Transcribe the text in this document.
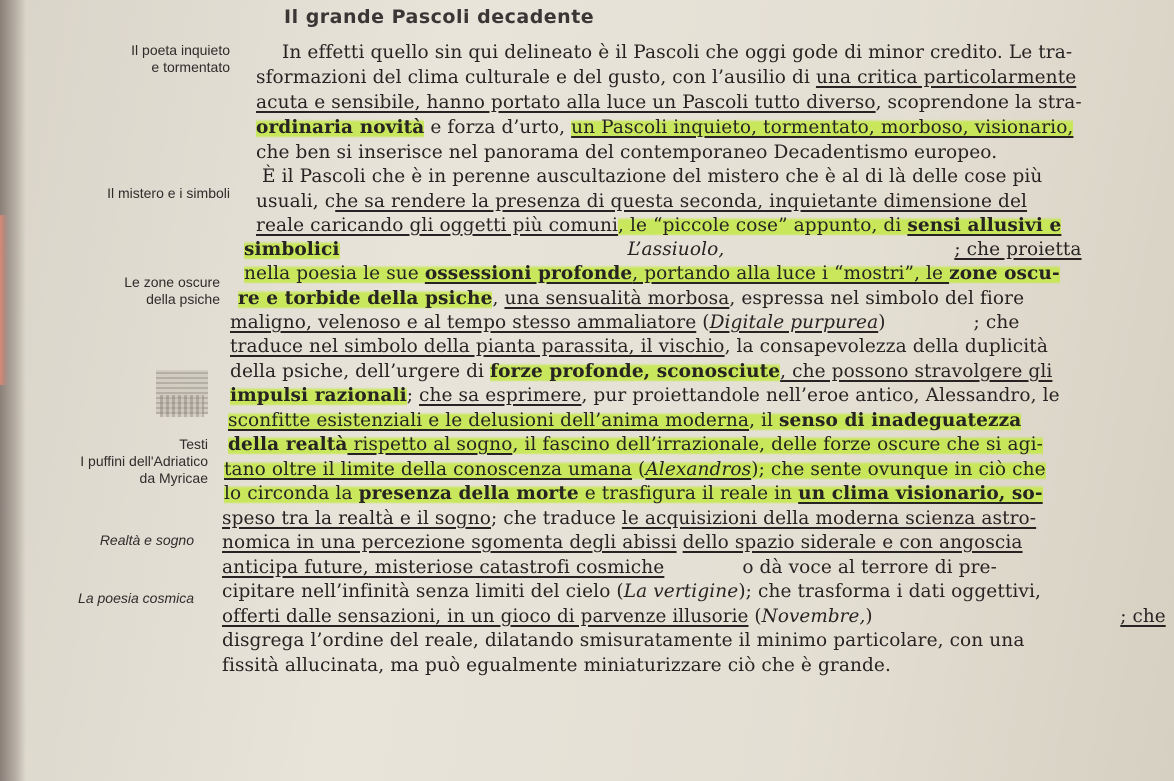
Il grande Pascoli decadente
Il poeta inquieto
e tormentato
Il mistero e i simboli
Le zone oscure
della psiche
Testi
I puffini dell'Adriatico
da Myricae
Realtà e sogno
La poesia cosmica
In effetti quello sin qui delineato è il Pascoli che oggi gode di minor credito. Le tra-
sformazioni del clima culturale e del gusto, con l’ausilio di una critica particolarmente
acuta e sensibile, hanno portato alla luce un Pascoli tutto diverso, scoprendone la stra-
ordinaria novità e forza d’urto, un Pascoli inquieto, tormentato, morboso, visionario,
che ben si inserisce nel panorama del contemporaneo Decadentismo europeo.
È il Pascoli che è in perenne auscultazione del mistero che è al di là delle cose più
usuali, che sa rendere la presenza di questa seconda, inquietante dimensione del
reale caricando gli oggetti più comuni, le “piccole cose” appunto, di sensi allusivi e
simbolici	L’assiuolo,	; che proietta
nella poesia le sue ossessioni profonde, portando alla luce i “mostri”, le zone oscu-
re e torbide della psiche, una sensualità morbosa, espressa nel simbolo del fiore
maligno, velenoso e al tempo stesso ammaliatore (Digitale purpurea)	; che
traduce nel simbolo della pianta parassita, il vischio, la consapevolezza della duplicità
della psiche, dell’urgere di forze profonde, sconosciute, che possono stravolgere gli
impulsi razionali; che sa esprimere, pur proiettandole nell’eroe antico, Alessandro, le
sconfitte esistenziali e le delusioni dell’anima moderna, il senso di inadeguatezza
della realtà rispetto al sogno, il fascino dell’irrazionale, delle forze oscure che si agi-
tano oltre il limite della conoscenza umana (Alexandros); che sente ovunque in ciò che
lo circonda la presenza della morte e trasfigura il reale in un clima visionario, so-
speso tra la realtà e il sogno; che traduce le acquisizioni della moderna scienza astro-
nomica in una percezione sgomenta degli abissi dello spazio siderale e con angoscia
anticipa future, misteriose catastrofi cosmiche	o dà voce al terrore di pre-
cipitare nell’infinità senza limiti del cielo (La vertigine); che trasforma i dati oggettivi,
offerti dalle sensazioni, in un gioco di parvenze illusorie (Novembre,)	; che
disgrega l’ordine del reale, dilatando smisuratamente il minimo particolare, con una
fissità allucinata, ma può egualmente miniaturizzare ciò che è grande.
